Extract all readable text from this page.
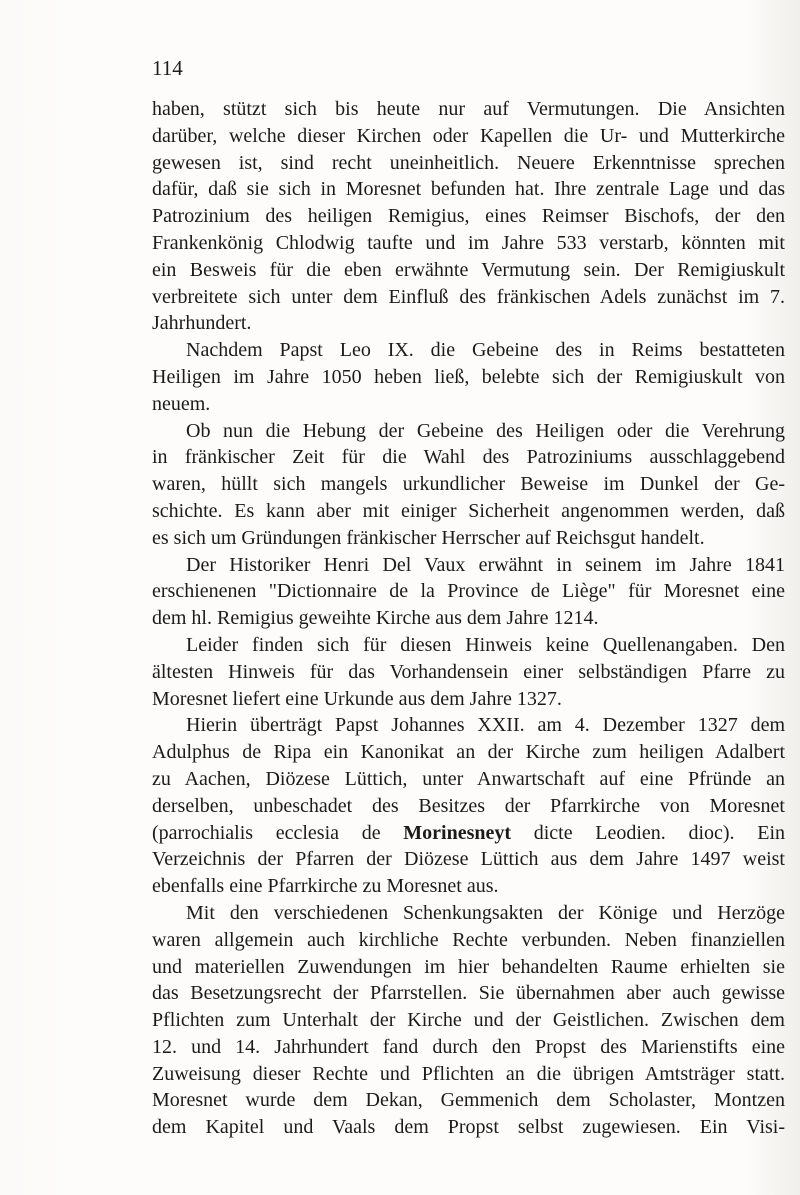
114

haben, stützt sich bis heute nur auf Vermutungen. Die Ansichten

darüber, welche dieser Kirchen oder Kapellen die Ur- und Mutterkirche

gewesen ist, sind recht uneinheitlich. Neuere Erkenntnisse sprechen

dafür, daß sie sich in Moresnet befunden hat. Ihre zentrale Lage und das

Patrozinium des heiligen Remigius, eines Reimser Bischofs, der den

Frankenkönig Chlodwig taufte und im Jahre 533 verstarb, könnten mit

ein Besweis für die eben erwähnte Vermutung sein. Der Remigiuskult

verbreitete sich unter dem Einfluß des fränkischen Adels zunächst im 7.

Jahrhundert.

Nachdem Papst Leo IX. die Gebeine des in Reims bestatteten

Heiligen im Jahre 1050 heben ließ, belebte sich der Remigiuskult von

neuem.

Ob nun die Hebung der Gebeine des Heiligen oder die Verehrung

in fränkischer Zeit für die Wahl des Patroziniums ausschlaggebend

waren, hüllt sich mangels urkundlicher Beweise im Dunkel der Ge-

schichte. Es kann aber mit einiger Sicherheit angenommen werden, daß

es sich um Gründungen fränkischer Herrscher auf Reichsgut handelt.

Der Historiker Henri Del Vaux erwähnt in seinem im Jahre 1841

erschienenen "Dictionnaire de la Province de Liège" für Moresnet eine

dem hl. Remigius geweihte Kirche aus dem Jahre 1214.

Leider finden sich für diesen Hinweis keine Quellenangaben. Den

ältesten Hinweis für das Vorhandensein einer selbständigen Pfarre zu

Moresnet liefert eine Urkunde aus dem Jahre 1327.

Hierin überträgt Papst Johannes XXII. am 4. Dezember 1327 dem

Adulphus de Ripa ein Kanonikat an der Kirche zum heiligen Adalbert

zu Aachen, Diözese Lüttich, unter Anwartschaft auf eine Pfründe an

derselben, unbeschadet des Besitzes der Pfarrkirche von Moresnet

(parrochialis ecclesia de Morinesneyt dicte Leodien. dioc). Ein

Verzeichnis der Pfarren der Diözese Lüttich aus dem Jahre 1497 weist

ebenfalls eine Pfarrkirche zu Moresnet aus.

Mit den verschiedenen Schenkungsakten der Könige und Herzöge

waren allgemein auch kirchliche Rechte verbunden. Neben finanziellen

und materiellen Zuwendungen im hier behandelten Raume erhielten sie

das Besetzungsrecht der Pfarrstellen. Sie übernahmen aber auch gewisse

Pflichten zum Unterhalt der Kirche und der Geistlichen. Zwischen dem

12. und 14. Jahrhundert fand durch den Propst des Marienstifts eine

Zuweisung dieser Rechte und Pflichten an die übrigen Amtsträger statt.

Moresnet wurde dem Dekan, Gemmenich dem Scholaster, Montzen

dem Kapitel und Vaals dem Propst selbst zugewiesen. Ein Visi-
